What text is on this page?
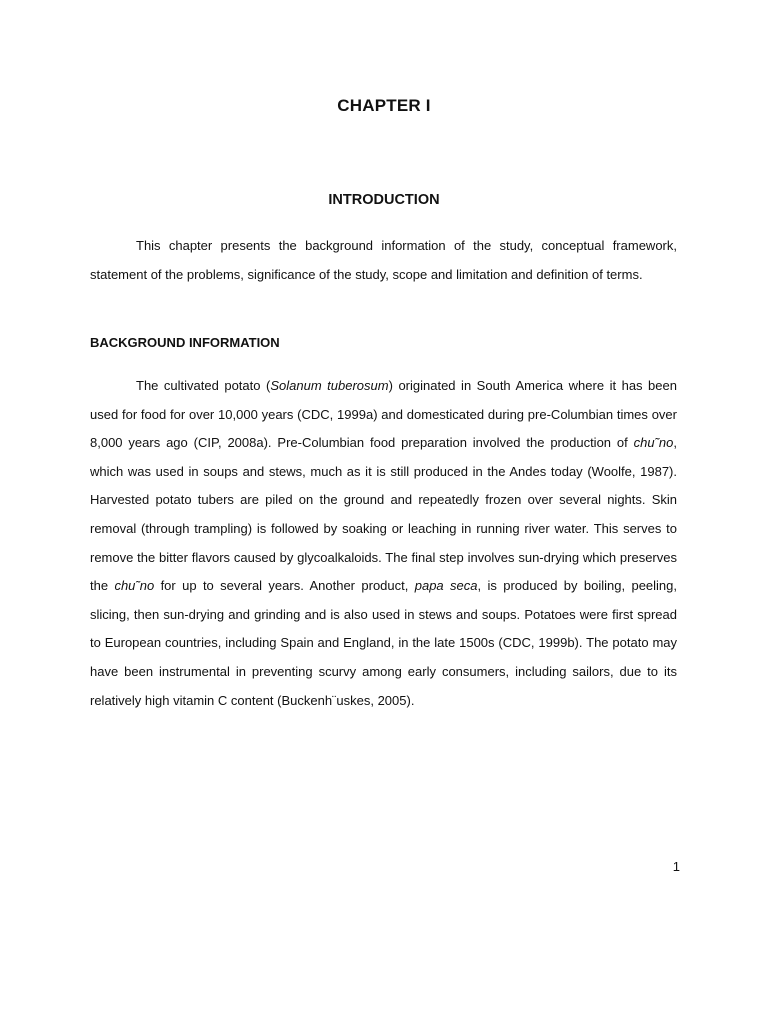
CHAPTER I
INTRODUCTION

This chapter presents the background information of the study, conceptual framework, statement of the problems, significance of the study, scope and limitation and definition of terms.

BACKGROUND INFORMATION

The cultivated potato (Solanum tuberosum) originated in South America where it has been used for food for over 10,000 years (CDC, 1999a) and domesticated during pre-Columbian times over 8,000 years ago (CIP, 2008a). Pre-Columbian food preparation involved the production of chu˜no, which was used in soups and stews, much as it is still produced in the Andes today (Woolfe, 1987). Harvested potato tubers are piled on the ground and repeatedly frozen over several nights. Skin removal (through trampling) is followed by soaking or leaching in running river water. This serves to remove the bitter flavors caused by glycoalkaloids. The final step involves sun-drying which preserves the chu˜no for up to several years. Another product, papa seca, is produced by boiling, peeling, slicing, then sun-drying and grinding and is also used in stews and soups. Potatoes were first spread to European countries, including Spain and England, in the late 1500s (CDC, 1999b). The potato may have been instrumental in preventing scurvy among early consumers, including sailors, due to its relatively high vitamin C content (Buckenh¨uskes, 2005).

1
